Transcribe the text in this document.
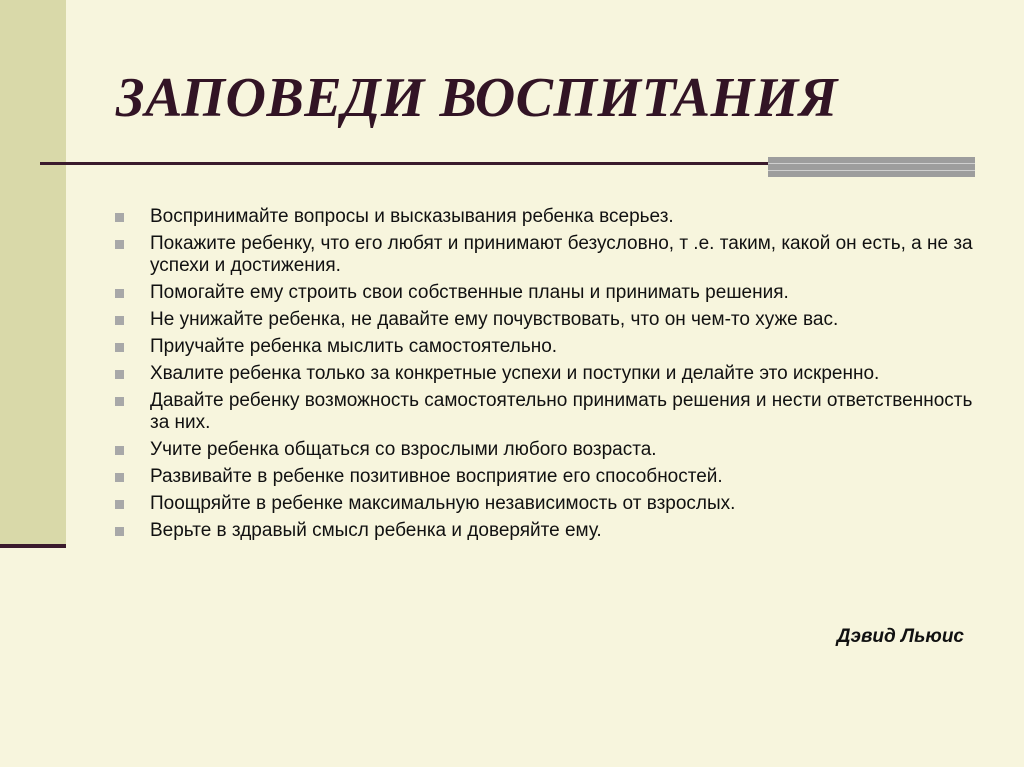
ЗАПОВЕДИ ВОСПИТАНИЯ
Воспринимайте вопросы и высказывания ребенка всерьез.
Покажите ребенку, что его любят и принимают безусловно, т .е. таким, какой он есть, а не за успехи и достижения.
Помогайте ему строить свои собственные планы и принимать решения.
Не унижайте ребенка, не давайте ему почувствовать, что он чем-то хуже вас.
Приучайте ребенка мыслить самостоятельно.
Хвалите ребенка только за конкретные успехи и поступки и делайте это искренно.
Давайте ребенку возможность самостоятельно принимать решения и нести ответственность за них.
Учите ребенка общаться со взрослыми любого возраста.
Развивайте в ребенке позитивное восприятие его способностей.
Поощряйте в ребенке максимальную независимость от взрослых.
Верьте в здравый смысл ребенка и доверяйте ему.
Дэвид Льюис
